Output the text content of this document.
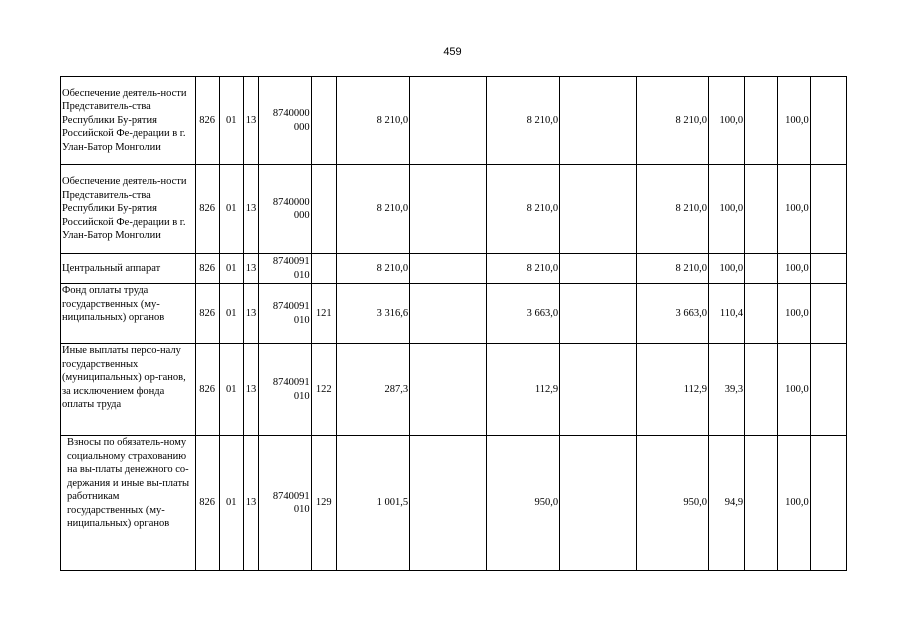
459
Обеспечение деятель-ности Представитель-ства Республики Бу-рятия Российской Фе-дерации в г. Улан-Батор Монголии	826	01	13	8740000 000		8 210,0		8 210,0		8 210,0	100,0		100,0	
Обеспечение деятель-ности Представитель-ства Республики Бу-рятия Российской Фе-дерации в г. Улан-Батор Монголии	826	01	13	8740000 000		8 210,0		8 210,0		8 210,0	100,0		100,0	
Центральный аппарат	826	01	13	8740091 010		8 210,0		8 210,0		8 210,0	100,0		100,0	
Фонд оплаты труда государственных (му-ниципальных) органов	826	01	13	8740091 010	121	3 316,6		3 663,0		3 663,0	110,4		100,0	
Иные выплаты персо-налу государственных (муниципальных) ор-ганов, за исключением фонда оплаты труда	826	01	13	8740091 010	122	287,3		112,9		112,9	39,3		100,0	
Взносы по обязатель-ному социальному страхованию на вы-платы денежного со-держания и иные вы-платы работникам государственных (му-ниципальных) органов	826	01	13	8740091 010	129	1 001,5		950,0		950,0	94,9		100,0	
